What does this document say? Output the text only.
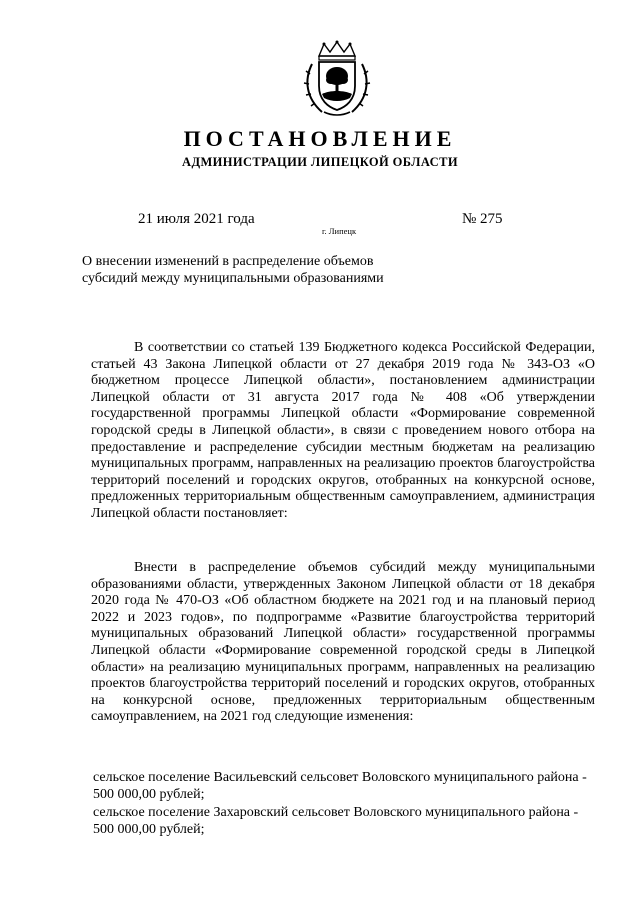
ПОСТАНОВЛЕНИЕ
АДМИНИСТРАЦИИ ЛИПЕЦКОЙ ОБЛАСТИ
21 июля 2021 года
г. Липецк
№ 275
О внесении изменений в распределение объемов субсидий между муниципальными образованиями

В соответствии со статьей 139 Бюджетного кодекса Российской Федерации, статьей 43 Закона Липецкой области от 27 декабря 2019 года № 343-ОЗ «О бюджетном процессе Липецкой области», постановлением администрации Липецкой области от 31 августа 2017 года № 408 «Об утверждении государственной программы Липецкой области «Формирование современной городской среды в Липецкой области», в связи с проведением нового отбора на предоставление и распределение субсидии местным бюджетам на реализацию муниципальных программ, направленных на реализацию проектов благоустройства территорий поселений и городских округов, отобранных на конкурсной основе, предложенных территориальным общественным самоуправлением, администрация Липецкой области постановляет:

Внести в распределение объемов субсидий между муниципальными образованиями области, утвержденных Законом Липецкой области от 18 декабря 2020 года № 470-ОЗ «Об областном бюджете на 2021 год и на плановый период 2022 и 2023 годов», по подпрограмме «Развитие благоустройства территорий муниципальных образований Липецкой области» государственной программы Липецкой области «Формирование современной городской среды в Липецкой области» на реализацию муниципальных программ, направленных на реализацию проектов благоустройства территорий поселений и городских округов, отобранных на конкурсной основе, предложенных территориальным общественным самоуправлением, на 2021 год следующие изменения:

сельское поселение Васильевский сельсовет Воловского муниципального района - 500 000,00 рублей;

сельское поселение Захаровский сельсовет Воловского муниципального района - 500 000,00 рублей;
